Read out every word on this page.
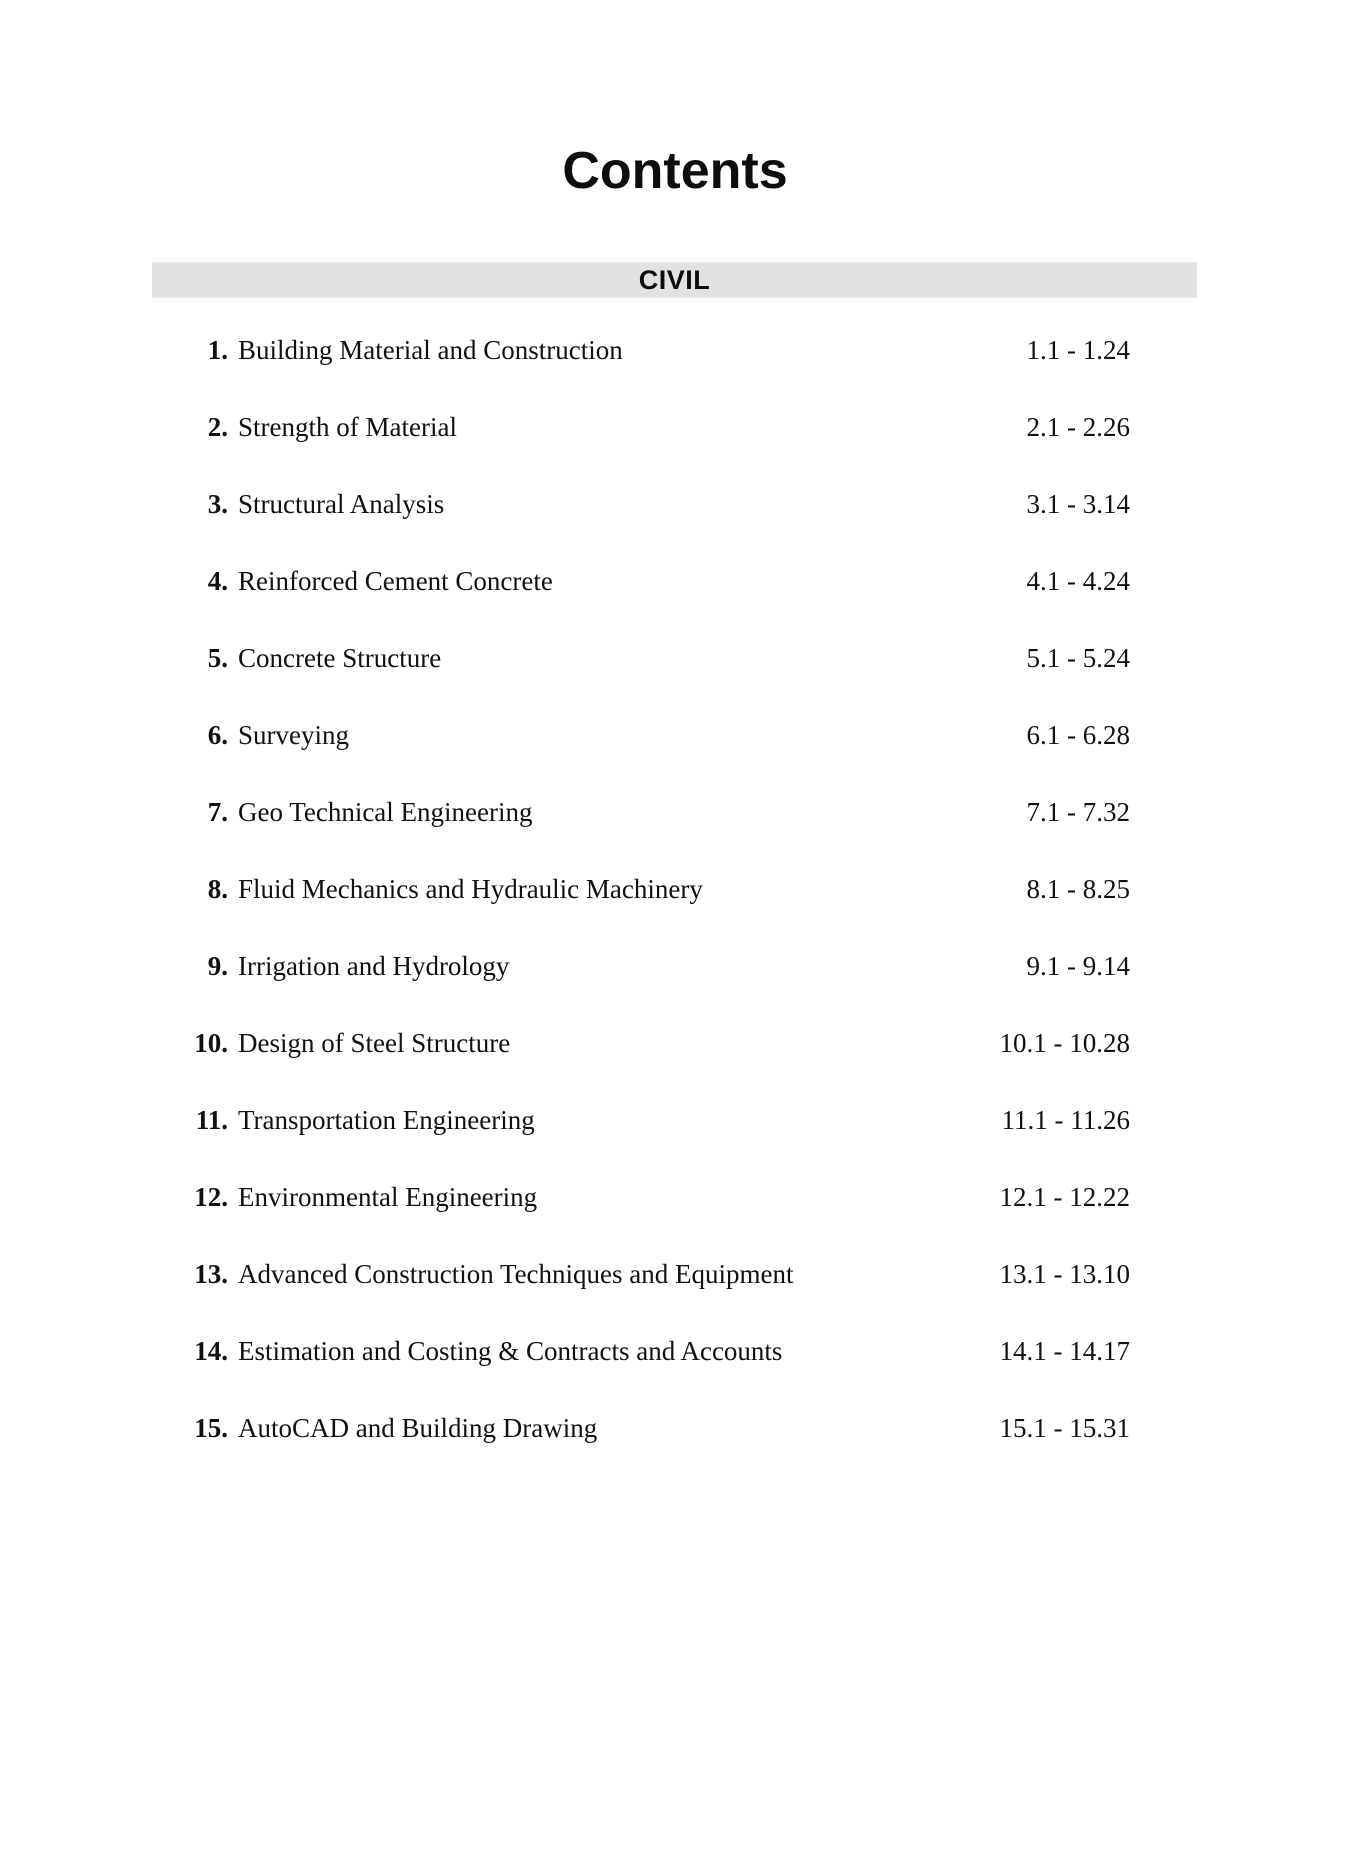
Contents
CIVIL
1. Building Material and Construction	1.1 - 1.24
2. Strength of Material	2.1 - 2.26
3. Structural Analysis	3.1 - 3.14
4. Reinforced Cement Concrete	4.1 - 4.24
5. Concrete Structure	5.1 - 5.24
6. Surveying	6.1 - 6.28
7. Geo Technical Engineering	7.1 - 7.32
8. Fluid Mechanics and Hydraulic Machinery	8.1 - 8.25
9. Irrigation and Hydrology	9.1 - 9.14
10. Design of Steel Structure	10.1 - 10.28
11. Transportation Engineering	11.1 - 11.26
12. Environmental Engineering	12.1 - 12.22
13. Advanced Construction Techniques and Equipment	13.1 - 13.10
14. Estimation and Costing & Contracts and Accounts	14.1 - 14.17
15. AutoCAD and Building Drawing	15.1 - 15.31
